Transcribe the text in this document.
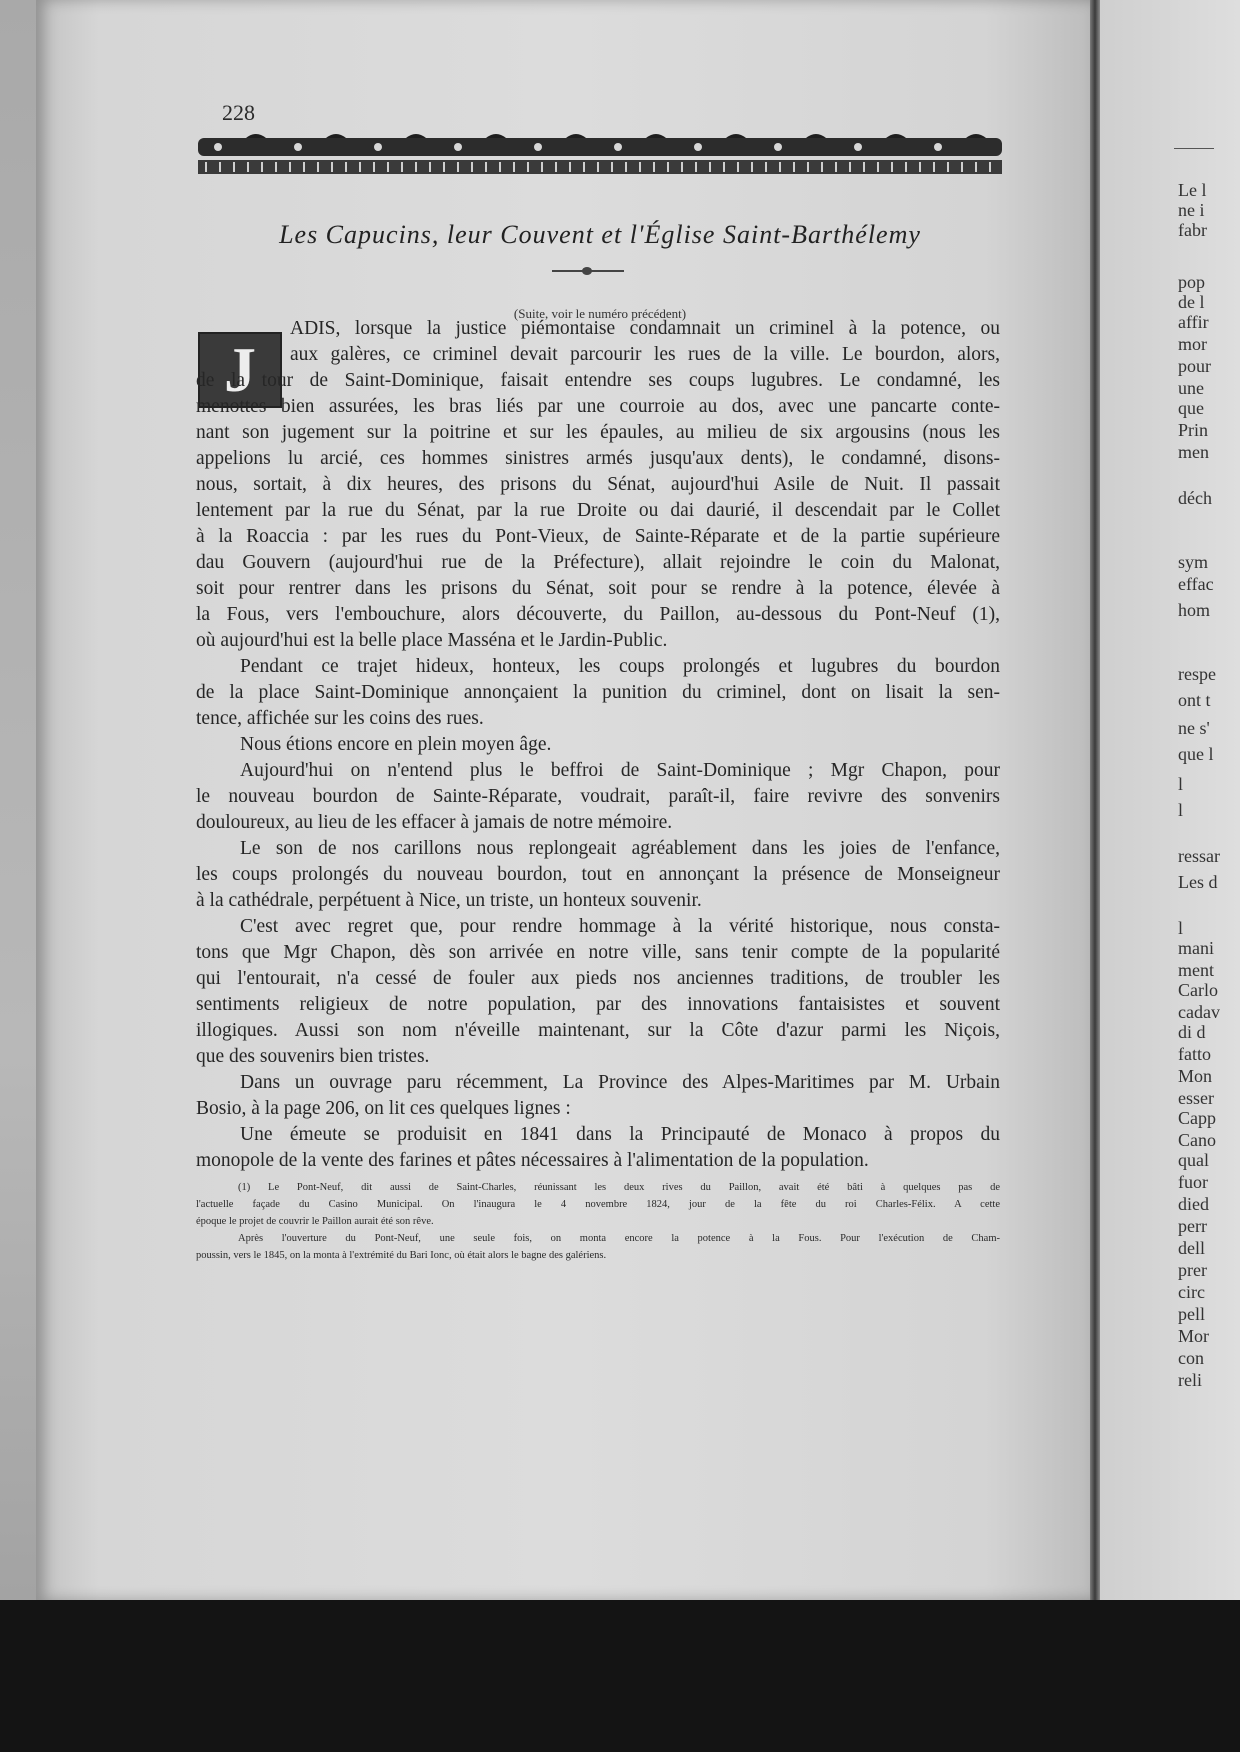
Le l
ne i
fabr
pop
de l
affir
mor
pour
une
que
Prin
men
déch
sym
effac
hom
respe
ont t
ne s'
que l
l
l
ressar
Les d
l
mani
ment
Carlo
cadav
di d
fatto
Mon
esser
Capp
Cano
qual
fuor
died
perr
dell
prer
circ
pell
Mor
con
reli
228
Les Capucins, leur Couvent et l'Église Saint-Barthélemy
(Suite, voir le numéro précédent)
J
ADIS, lorsque la justice piémontaise condamnait un criminel à la potence, ou
aux galères, ce criminel devait parcourir les rues de la ville. Le bourdon, alors,
de la tour de Saint-Dominique, faisait entendre ses coups lugubres. Le condamné, les
menottes bien assurées, les bras liés par une courroie au dos, avec une pancarte conte-
nant son jugement sur la poitrine et sur les épaules, au milieu de six argousins (nous les
appelions lu arcié, ces hommes sinistres armés jusqu'aux dents), le condamné, disons-
nous, sortait, à dix heures, des prisons du Sénat, aujourd'hui Asile de Nuit. Il passait
lentement par la rue du Sénat, par la rue Droite ou dai daurié, il descendait par le Collet
à la Roaccia : par les rues du Pont-Vieux, de Sainte-Réparate et de la partie supérieure
dau Gouvern (aujourd'hui rue de la Préfecture), allait rejoindre le coin du Malonat,
soit pour rentrer dans les prisons du Sénat, soit pour se rendre à la potence, élevée à
la Fous, vers l'embouchure, alors découverte, du Paillon, au-dessous du Pont-Neuf (1),
où aujourd'hui est la belle place Masséna et le Jardin-Public.
Pendant ce trajet hideux, honteux, les coups prolongés et lugubres du bourdon
de la place Saint-Dominique annonçaient la punition du criminel, dont on lisait la sen-
tence, affichée sur les coins des rues.
Nous étions encore en plein moyen âge.
Aujourd'hui on n'entend plus le beffroi de Saint-Dominique ; Mgr Chapon, pour
le nouveau bourdon de Sainte-Réparate, voudrait, paraît-il, faire revivre des sonvenirs
douloureux, au lieu de les effacer à jamais de notre mémoire.
Le son de nos carillons nous replongeait agréablement dans les joies de l'enfance,
les coups prolongés du nouveau bourdon, tout en annonçant la présence de Monseigneur
à la cathédrale, perpétuent à Nice, un triste, un honteux souvenir.
C'est avec regret que, pour rendre hommage à la vérité historique, nous consta-
tons que Mgr Chapon, dès son arrivée en notre ville, sans tenir compte de la popularité
qui l'entourait, n'a cessé de fouler aux pieds nos anciennes traditions, de troubler les
sentiments religieux de notre population, par des innovations fantaisistes et souvent
illogiques. Aussi son nom n'éveille maintenant, sur la Côte d'azur parmi les Niçois,
que des souvenirs bien tristes.
Dans un ouvrage paru récemment, La Province des Alpes-Maritimes par M. Urbain
Bosio, à la page 206, on lit ces quelques lignes :
Une émeute se produisit en 1841 dans la Principauté de Monaco à propos du
monopole de la vente des farines et pâtes nécessaires à l'alimentation de la population.
(1) Le Pont-Neuf, dit aussi de Saint-Charles, réunissant les deux rives du Paillon, avait été bâti à quelques pas de
l'actuelle façade du Casino Municipal. On l'inaugura le 4 novembre 1824, jour de la fête du roi Charles-Félix. A cette
époque le projet de couvrir le Paillon aurait été son rêve.
Après l'ouverture du Pont-Neuf, une seule fois, on monta encore la potence à la Fous. Pour l'exécution de Cham-
poussin, vers le 1845, on la monta à l'extrémité du Bari Ionc, où était alors le bagne des galériens.
